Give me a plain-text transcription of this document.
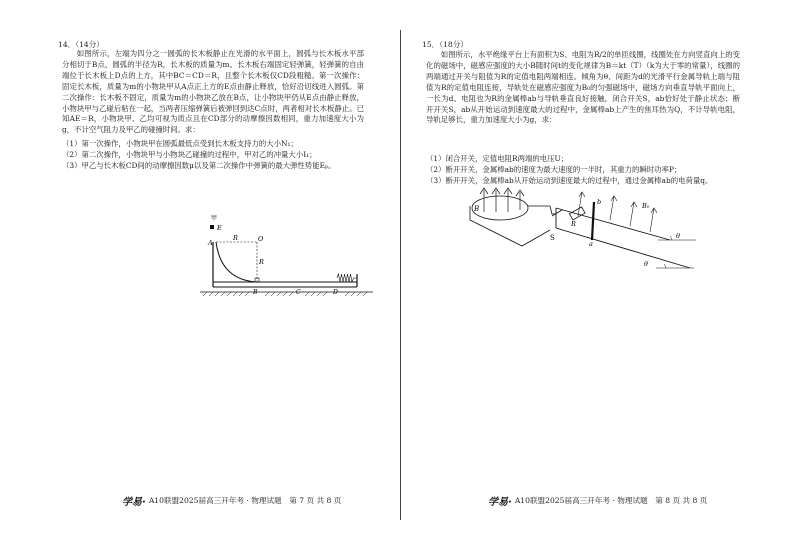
14．（14分）
如图所示，左端为四分之一圆弧的长木板静止在光滑的水平面上，圆弧与长木板水平部分相切于B点，圆弧的半径为R，长木板的质量为m。长木板右端固定轻弹簧，轻弹簧的自由端位于长木板上D点的上方，其中BC＝CD＝R，且整个长木板仅CD段粗糙。第一次操作：固定长木板，质量为m的小物块甲从A点正上方的E点由静止释放，恰好沿切线进入圆弧。第二次操作：长木板不固定，质量为m的小物块乙放在B点，让小物块甲仍从E点由静止释放，小物块甲与乙碰后粘在一起，当两者压缩弹簧后被弹回到达C点时，两者相对长木板静止。已知AE＝R，小物块甲、乙均可视为质点且在CD部分的动摩擦因数相同，重力加速度大小为g，不计空气阻力及甲乙的碰撞时间。求：
（1）第一次操作，小物块甲在圆弧最低点受到长木板支持力的大小N₁；
（2）第二次操作，小物块甲与小物块乙碰撞的过程中，甲对乙的冲量大小I₁；
（3）甲乙与长木板CD间的动摩擦因数μ以及第二次操作中弹簧的最大弹性势能Eₚ。
甲
E
A
R	O
R
B	C	D
学易· A10联盟2025届高三开年考 · 物理试题　第 7 页 共 8 页
15．（18分）
如图所示，水平绝缘平台上有面积为S、电阻为R/2的单匝线圈，线圈处在方向竖直向上的变化的磁场中，磁感应强度的大小B随时间t的变化规律为B＝kt（T）（k为大于零的常量），线圈的两端通过开关与阻值为R的定值电阻两端相连。倾角为θ、间距为d的光滑平行金属导轨上端与阻值为R的定值电阻连接，导轨处在磁感应强度为B₀的匀强磁场中，磁场方向垂直导轨平面向上，一长为d、电阻也为R的金属棒ab与导轨垂直良好接触，闭合开关S，ab恰好处于静止状态；断开开关S，ab从开始运动到速度最大的过程中，金属棒ab上产生的焦耳热为Q，不计导轨电阻，导轨足够长，重力加速度大小为g，求：
（1）闭合开关，定值电阻R两端的电压U；
（2）断开开关，金属棒ab的速度为最大速度的一半时，其重力的瞬时功率P；
（3）断开开关，金属棒ab从开始运动到速度最大的过程中，通过金属棒ab的电荷量q。
B
S
R
b
a
B₀
θ
θ
学易· A10联盟2025届高三开年考 · 物理试题　第 8 页 共 8 页
